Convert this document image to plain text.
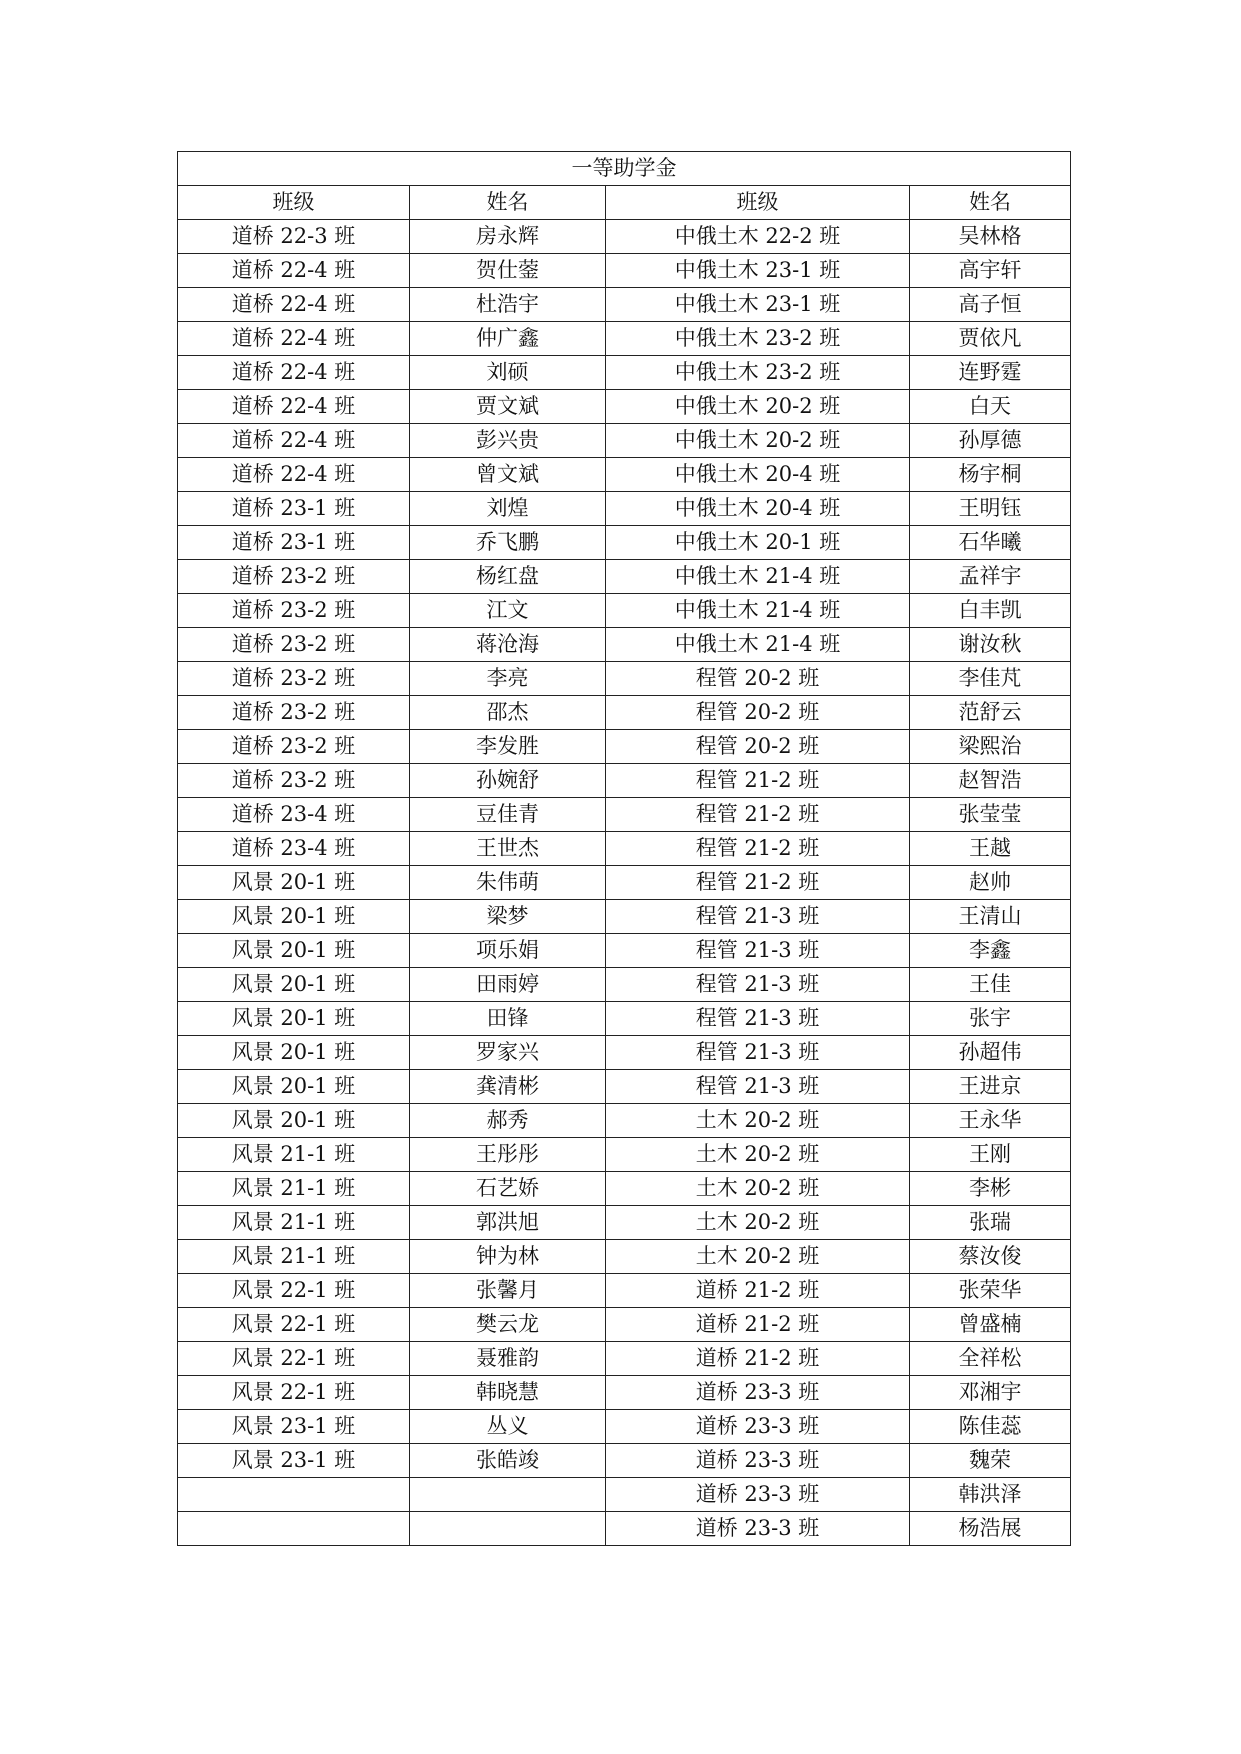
一等助学金			
班级	姓名	班级	姓名
道桥 22-3 班	房永辉	中俄土木 22-2 班	吴林格
道桥 22-4 班	贺仕蓥	中俄土木 23-1 班	高宇轩
道桥 22-4 班	杜浩宇	中俄土木 23-1 班	高子恒
道桥 22-4 班	仲广鑫	中俄土木 23-2 班	贾依凡
道桥 22-4 班	刘硕	中俄土木 23-2 班	连野霆
道桥 22-4 班	贾文斌	中俄土木 20-2 班	白天
道桥 22-4 班	彭兴贵	中俄土木 20-2 班	孙厚德
道桥 22-4 班	曾文斌	中俄土木 20-4 班	杨宇桐
道桥 23-1 班	刘煌	中俄土木 20-4 班	王明钰
道桥 23-1 班	乔飞鹏	中俄土木 20-1 班	石华曦
道桥 23-2 班	杨红盘	中俄土木 21-4 班	孟祥宇
道桥 23-2 班	江文	中俄土木 21-4 班	白丰凯
道桥 23-2 班	蒋沧海	中俄土木 21-4 班	谢汝秋
道桥 23-2 班	李亮	程管 20-2 班	李佳芃
道桥 23-2 班	邵杰	程管 20-2 班	范舒云
道桥 23-2 班	李发胜	程管 20-2 班	梁熙治
道桥 23-2 班	孙婉舒	程管 21-2 班	赵智浩
道桥 23-4 班	豆佳青	程管 21-2 班	张莹莹
道桥 23-4 班	王世杰	程管 21-2 班	王越
风景 20-1 班	朱伟萌	程管 21-2 班	赵帅
风景 20-1 班	梁梦	程管 21-3 班	王清山
风景 20-1 班	项乐娟	程管 21-3 班	李鑫
风景 20-1 班	田雨婷	程管 21-3 班	王佳
风景 20-1 班	田锋	程管 21-3 班	张宇
风景 20-1 班	罗家兴	程管 21-3 班	孙超伟
风景 20-1 班	龚清彬	程管 21-3 班	王进京
风景 20-1 班	郝秀	土木 20-2 班	王永华
风景 21-1 班	王彤彤	土木 20-2 班	王刚
风景 21-1 班	石艺娇	土木 20-2 班	李彬
风景 21-1 班	郭洪旭	土木 20-2 班	张瑞
风景 21-1 班	钟为林	土木 20-2 班	蔡汝俊
风景 22-1 班	张馨月	道桥 21-2 班	张荣华
风景 22-1 班	樊云龙	道桥 21-2 班	曾盛楠
风景 22-1 班	聂雅韵	道桥 21-2 班	全祥松
风景 22-1 班	韩晓慧	道桥 23-3 班	邓湘宇
风景 23-1 班	丛义	道桥 23-3 班	陈佳蕊
风景 23-1 班	张皓竣	道桥 23-3 班	魏荣
		道桥 23-3 班	韩洪泽
		道桥 23-3 班	杨浩展
